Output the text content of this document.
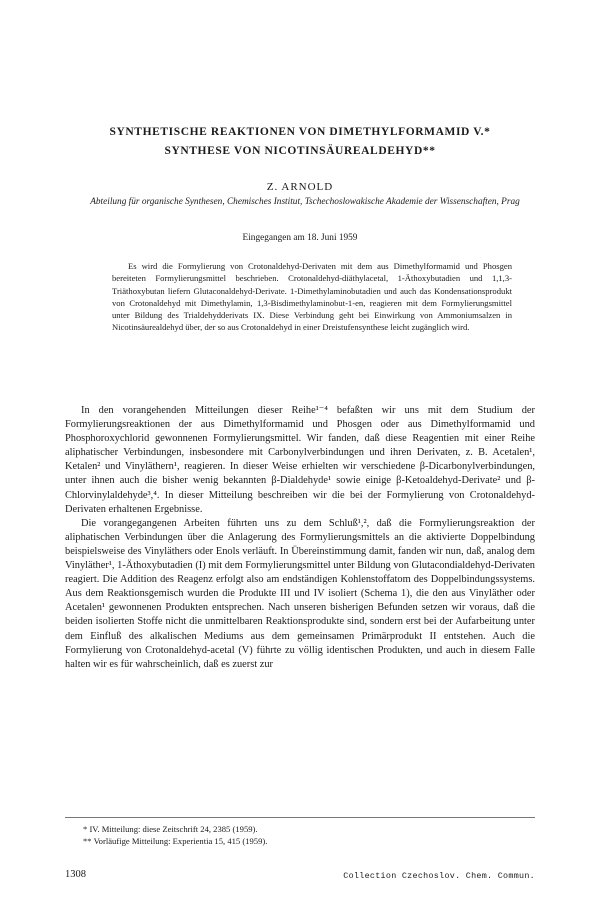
SYNTHETISCHE REAKTIONEN VON DIMETHYLFORMAMID V.*
SYNTHESE VON NICOTINSÄUREALDEHYD**

Z. ARNOLD

Abteilung für organische Synthesen, Chemisches Institut, Tschechoslowakische Akademie der Wissenschaften, Prag

Eingegangen am 18. Juni 1959

Es wird die Formylierung von Crotonaldehyd-Derivaten mit dem aus Dimethylformamid und Phosgen bereiteten Formylierungsmittel beschrieben. Crotonaldehyd-diäthylacetal, 1-Äthoxybutadien und 1,1,3-Triäthoxybutan liefern Glutaconaldehyd-Derivate. 1-Dimethylaminobutadien und auch das Kondensationsprodukt von Crotonaldehyd mit Dimethylamin, 1,3-Bisdimethylaminobut-1-en, reagieren mit dem Formylierungsmittel unter Bildung des Trialdehydderivats IX. Diese Verbindung geht bei Einwirkung von Ammoniumsalzen in Nicotinsäurealdehyd über, der so aus Crotonaldehyd in einer Dreistufensynthese leicht zugänglich wird.

In den vorangehenden Mitteilungen dieser Reihe¹⁻⁴ befaßten wir uns mit dem Studium der Formylierungsreaktionen der aus Dimethylformamid und Phosgen oder aus Dimethylformamid und Phosphoroxychlorid gewonnenen Formylierungsmittel. Wir fanden, daß diese Reagentien mit einer Reihe aliphatischer Verbindungen, insbesondere mit Carbonylverbindungen und ihren Derivaten, z. B. Acetalen¹, Ketalen² und Vinyläthern¹, reagieren. In dieser Weise erhielten wir verschiedene β-Dicarbonylverbindungen, unter ihnen auch die bisher wenig bekannten β-Dialdehyde¹ sowie einige β-Ketoaldehyd-Derivate² und β-Chlorvinylaldehyde³,⁴. In dieser Mitteilung beschreiben wir die bei der Formylierung von Crotonaldehyd-Derivaten erhaltenen Ergebnisse.

Die vorangegangenen Arbeiten führten uns zu dem Schluß¹,², daß die Formylierungsreaktion der aliphatischen Verbindungen über die Anlagerung des Formylierungsmittels an die aktivierte Doppelbindung beispielsweise des Vinyläthers oder Enols verläuft. In Übereinstimmung damit, fanden wir nun, daß, analog dem Vinyläther¹, 1-Äthoxybutadien (I) mit dem Formylierungsmittel unter Bildung von Glutacondialdehyd-Derivaten reagiert. Die Addition des Reagenz erfolgt also am endständigen Kohlenstoffatom des Doppelbindungssystems. Aus dem Reaktionsgemisch wurden die Produkte III und IV isoliert (Schema 1), die den aus Vinyläther oder Acetalen¹ gewonnenen Produkten entsprechen. Nach unseren bisherigen Befunden setzen wir voraus, daß die beiden isolierten Stoffe nicht die unmittelbaren Reaktionsprodukte sind, sondern erst bei der Aufarbeitung unter dem Einfluß des alkalischen Mediums aus dem gemeinsamen Primärprodukt II entstehen. Auch die Formylierung von Crotonaldehyd-acetal (V) führte zu völlig identischen Produkten, und auch in diesem Falle halten wir es für wahrscheinlich, daß es zuerst zur

* IV. Mitteilung: diese Zeitschrift 24, 2385 (1959).

** Vorläufige Mitteilung: Experientia 15, 415 (1959).

1308	Collection Czechoslov. Chem. Commun.
